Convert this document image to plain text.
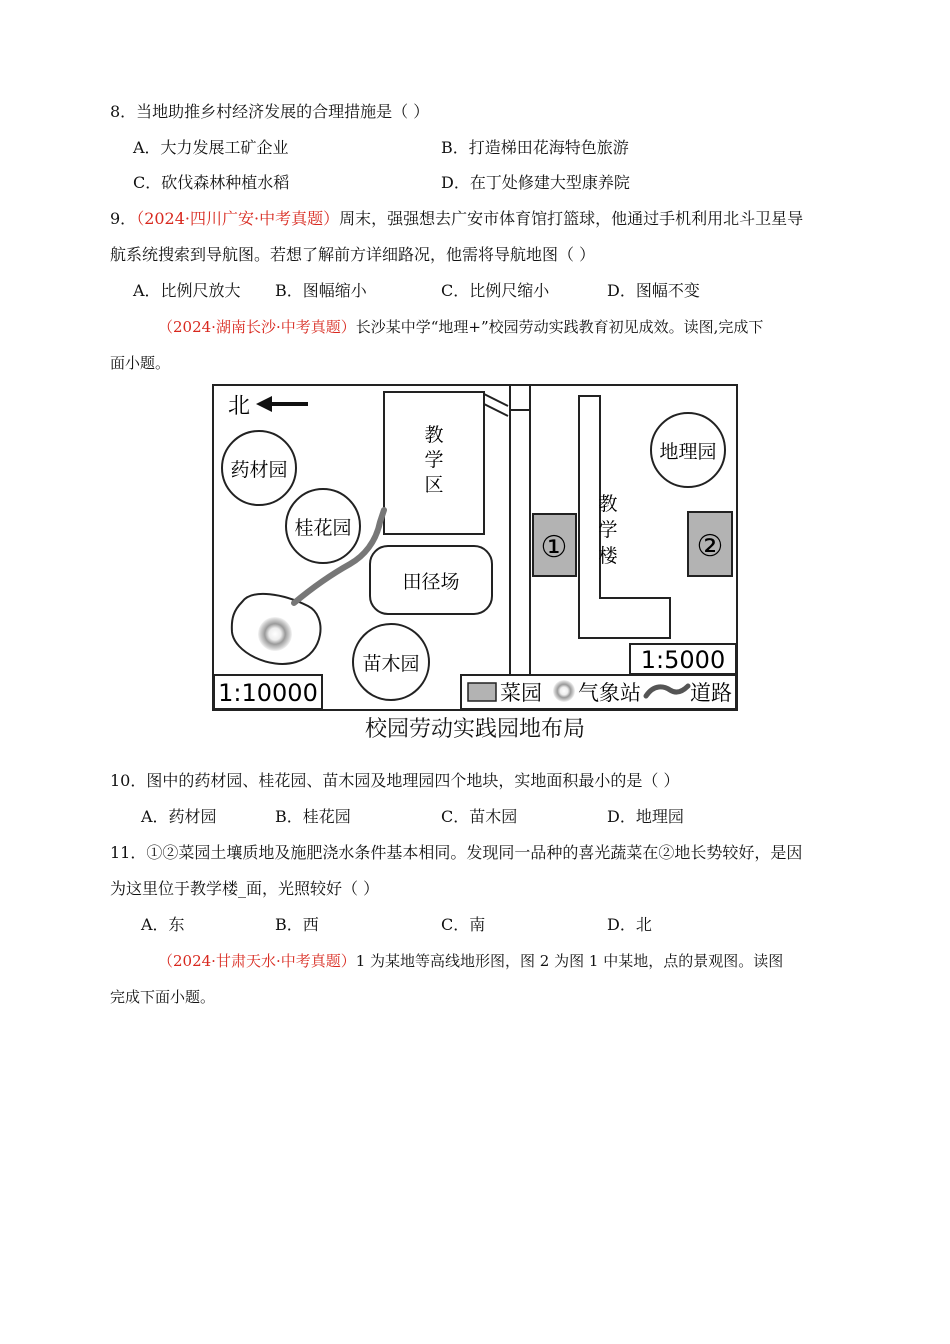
8．当地助推乡村经济发展的合理措施是（ ）
A．大力发展工矿企业	B．打造梯田花海特色旅游
C．砍伐森林种植水稻	D．在丁处修建大型康养院
9．（2024·四川广安·中考真题）周末，强强想去广安市体育馆打篮球，他通过手机利用北斗卫星导
航系统搜索到导航图。若想了解前方详细路况，他需将导航地图（ ）
A．比例尺放大 B．图幅缩小	C．比例尺缩小	D．图幅不变
（2024·湖南长沙·中考真题）长沙某中学“地理+”校园劳动实践教育初见成效。读图,完成下
面小题。
北
药材园
桂花园
教
学
区
田径场
苗木园
①
教
学
楼
地理园
②
1:5000
1:10000	菜园 气象站 道路
校园劳动实践园地布局
10．图中的药材园、桂花园、苗木园及地理园四个地块，实地面积最小的是（ ）
A．药材园	B．桂花园	C．苗木园	D．地理园
11．①②菜园土壤质地及施肥浇水条件基本相同。发现同一品种的喜光蔬菜在②地长势较好，是因
为这里位于教学楼_面，光照较好（ ）
A．东	B．西	C．南	D．北
（2024·甘肃天水·中考真题）1 为某地等高线地形图，图 2 为图 1 中某地，点的景观图。读图
完成下面小题。
